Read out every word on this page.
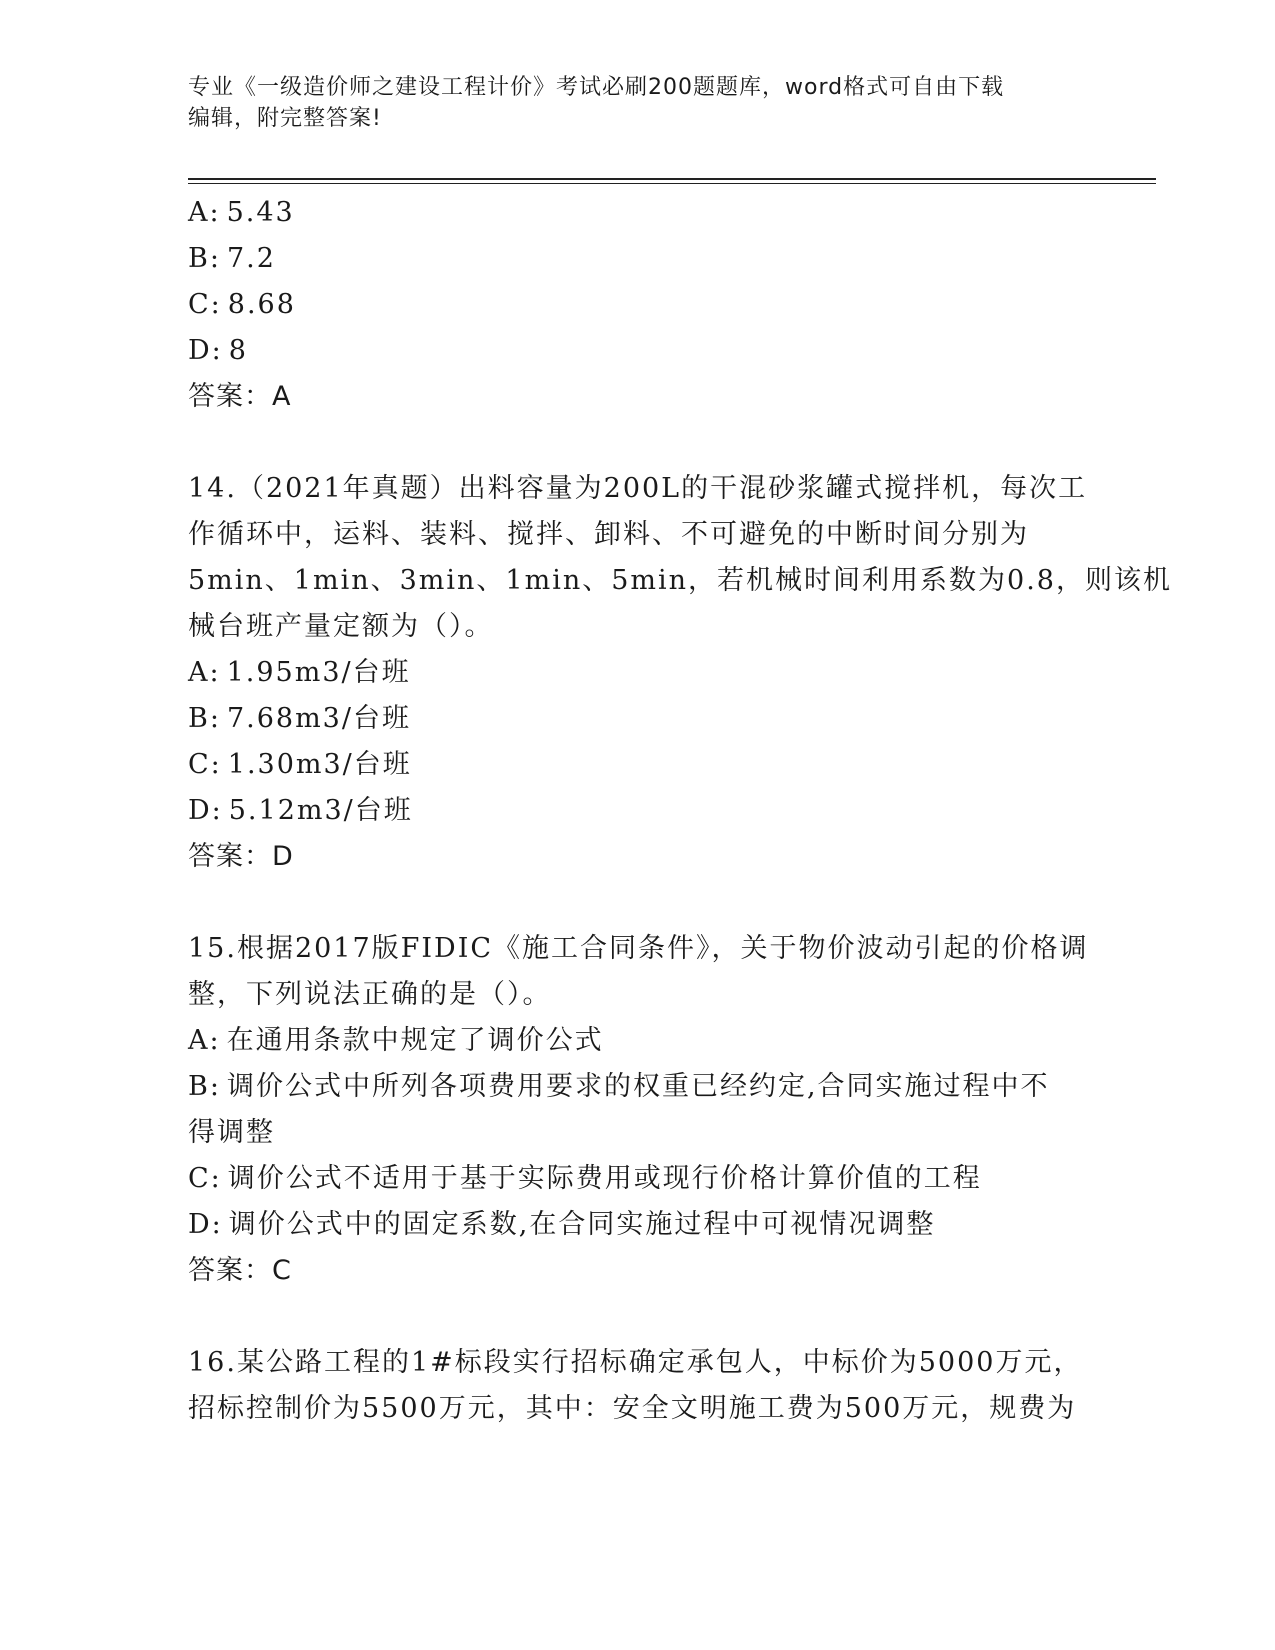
专业《一级造价师之建设工程计价》考试必刷200题题库，word格式可自由下载
编辑，附完整答案!
A: 5.43
B: 7.2
C: 8.68
D: 8
答案：A
14.（2021年真题）出料容量为200L的干混砂浆罐式搅拌机，每次工
作循环中，运料、装料、搅拌、卸料、不可避免的中断时间分别为
5min、1min、3min、1min、5min，若机械时间利用系数为0.8，则该机
械台班产量定额为（）。
A: 1.95m3/台班
B: 7.68m3/台班
C: 1.30m3/台班
D: 5.12m3/台班
答案：D
15.根据2017版FIDIC《施工合同条件》，关于物价波动引起的价格调
整，下列说法正确的是（）。
A: 在通用条款中规定了调价公式
B: 调价公式中所列各项费用要求的权重已经约定,合同实施过程中不
得调整
C: 调价公式不适用于基于实际费用或现行价格计算价值的工程
D: 调价公式中的固定系数,在合同实施过程中可视情况调整
答案：C
16.某公路工程的1#标段实行招标确定承包人，中标价为5000万元，
招标控制价为5500万元，其中：安全文明施工费为500万元，规费为
